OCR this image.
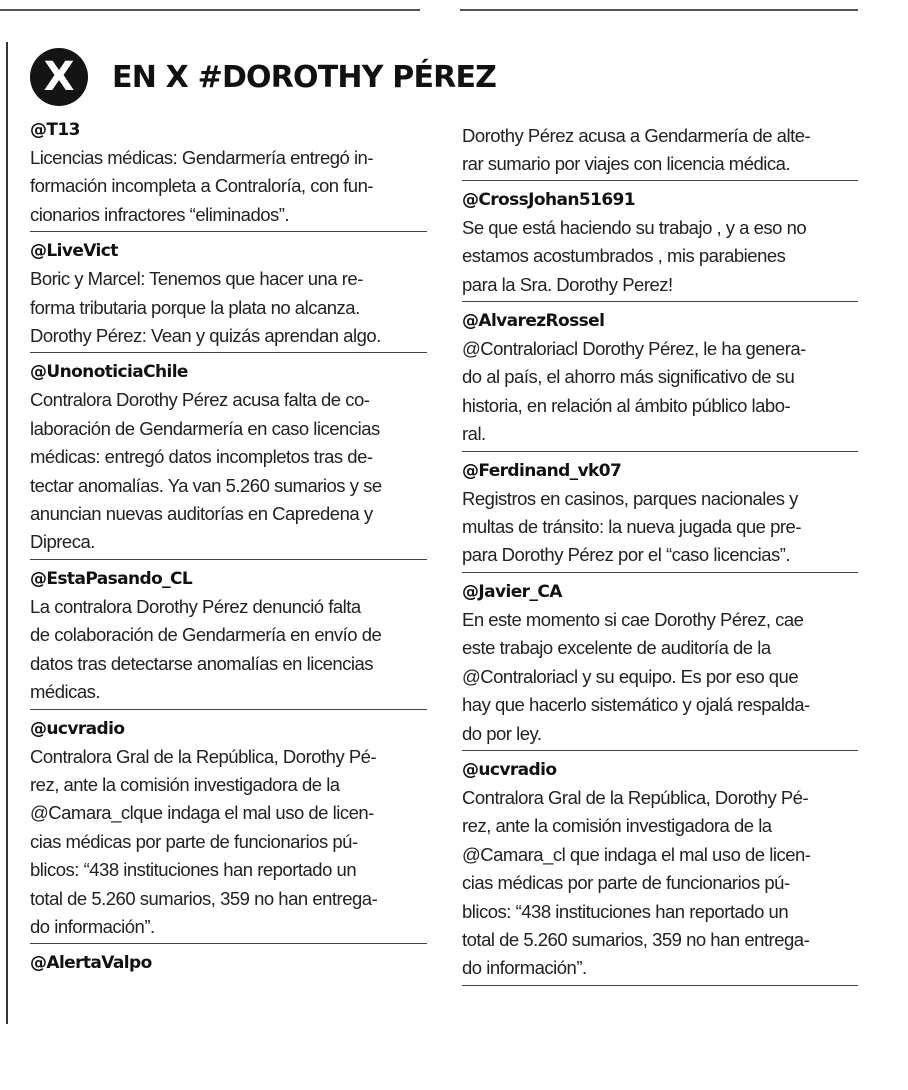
X	EN X #DOROTHY PÉREZ
@T13
Licencias médicas: Gendarmería entregó in-
formación incompleta a Contraloría, con fun-
cionarios infractores “eliminados”.
@LiveVict
Boric y Marcel: Tenemos que hacer una re-
forma tributaria porque la plata no alcanza.
Dorothy Pérez: Vean y quizás aprendan algo.
@UnonoticiaChile
Contralora Dorothy Pérez acusa falta de co-
laboración de Gendarmería en caso licencias
médicas: entregó datos incompletos tras de-
tectar anomalías. Ya van 5.260 sumarios y se
anuncian nuevas auditorías en Capredena y
Dipreca.
@EstaPasando_CL
La contralora Dorothy Pérez denunció falta
de colaboración de Gendarmería en envío de
datos tras detectarse anomalías en licencias
médicas.
@ucvradio
Contralora Gral de la República, Dorothy Pé-
rez, ante la comisión investigadora de la
@Camara_clque indaga el mal uso de licen-
cias médicas por parte de funcionarios pú-
blicos: “438 instituciones han reportado un
total de 5.260 sumarios, 359 no han entrega-
do información”.
@AlertaValpo
Dorothy Pérez acusa a Gendarmería de alte-
rar sumario por viajes con licencia médica.
@CrossJohan51691
Se que está haciendo su trabajo , y a eso no
estamos acostumbrados , mis parabienes
para la Sra. Dorothy Perez!
@AlvarezRossel
@Contraloriacl Dorothy Pérez, le ha genera-
do al país, el ahorro más significativo de su
historia, en relación al ámbito público labo-
ral.
@Ferdinand_vk07
Registros en casinos, parques nacionales y
multas de tránsito: la nueva jugada que pre-
para Dorothy Pérez por el “caso licencias”.
@Javier_CA
En este momento si cae Dorothy Pérez, cae
este trabajo excelente de auditoría de la
@Contraloriacl y su equipo. Es por eso que
hay que hacerlo sistemático y ojalá respalda-
do por ley.
@ucvradio
Contralora Gral de la República, Dorothy Pé-
rez, ante la comisión investigadora de la
@Camara_cl que indaga el mal uso de licen-
cias médicas por parte de funcionarios pú-
blicos: “438 instituciones han reportado un
total de 5.260 sumarios, 359 no han entrega-
do información”.
